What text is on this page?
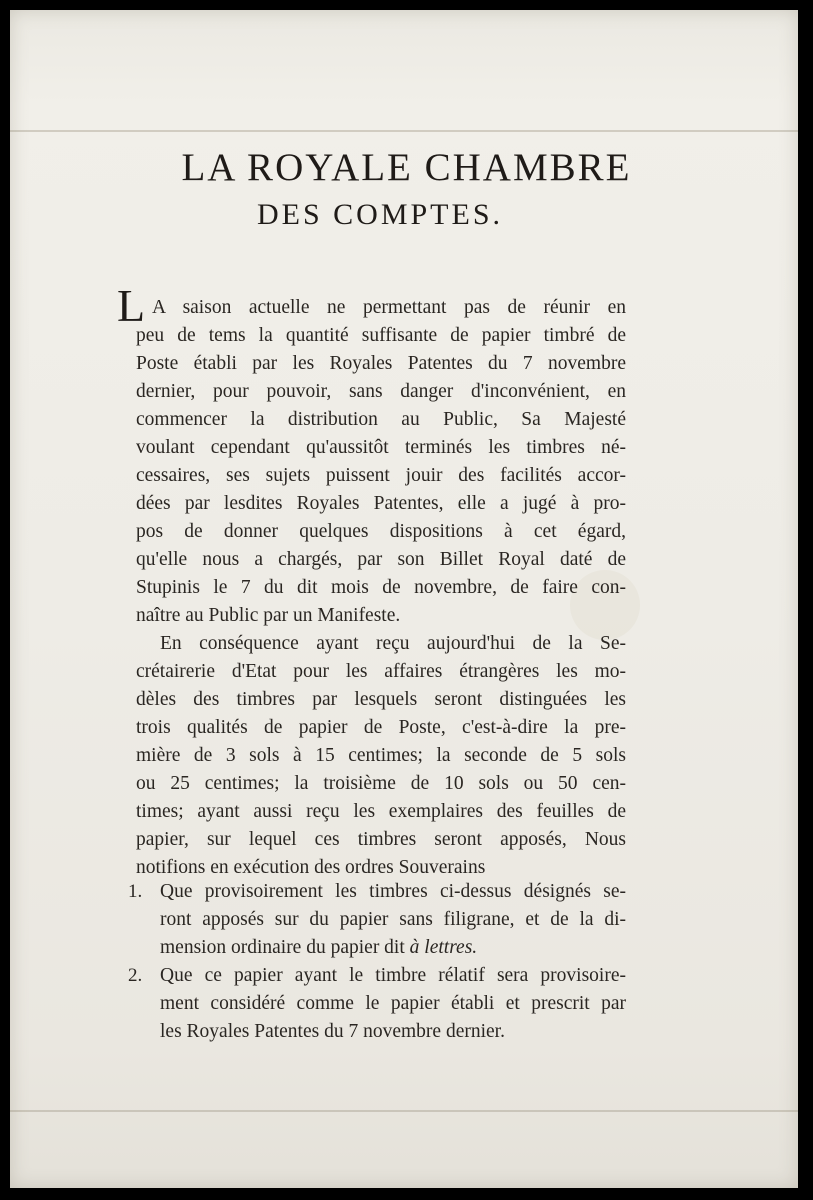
LA ROYALE CHAMBRE
DES COMPTES.
L A saison actuelle ne permettant pas de réunir en
peu de tems la quantité suffisante de papier timbré de
Poste établi par les Royales Patentes du 7 novembre
dernier, pour pouvoir, sans danger d'inconvénient, en
commencer la distribution au Public, Sa Majesté
voulant cependant qu'aussitôt terminés les timbres né-
cessaires, ses sujets puissent jouir des facilités accor-
dées par lesdites Royales Patentes, elle a jugé à pro-
pos de donner quelques dispositions à cet égard,
qu'elle nous a chargés, par son Billet Royal daté de
Stupinis le 7 du dit mois de novembre, de faire con-
naître au Public par un Manifeste.
En conséquence ayant reçu aujourd'hui de la Se-
crétairerie d'Etat pour les affaires étrangères les mo-
dèles des timbres par lesquels seront distinguées les
trois qualités de papier de Poste, c'est-à-dire la pre-
mière de 3 sols à 15 centimes; la seconde de 5 sols
ou 25 centimes; la troisième de 10 sols ou 50 cen-
times; ayant aussi reçu les exemplaires des feuilles de
papier, sur lequel ces timbres seront apposés, Nous
notifions en exécution des ordres Souverains
1. Que provisoirement les timbres ci-dessus désignés se-
ront apposés sur du papier sans filigrane, et de la di-
mension ordinaire du papier dit à lettres.
2. Que ce papier ayant le timbre rélatif sera provisoire-
ment considéré comme le papier établi et prescrit par
les Royales Patentes du 7 novembre dernier.
